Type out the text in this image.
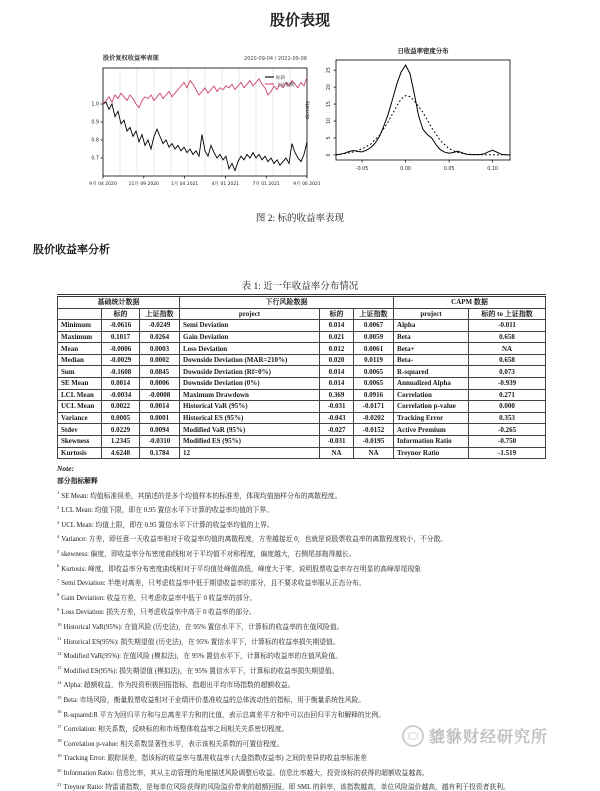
股价表现
0.7
0.8
0.9
1.0
9月 04 2020	11月 09 2020	1月 04 2021	4月 01 2021	7月 01 2021	9月 06 2021
股价复权收益率表现	2020-09-04 / 2021-09-06
标的
上证指数
0
5
10
15
20
25
-0.05	0.00	0.05	0.10
日收益率密度分布
density
图 2: 标的收益率表现
股价收益率分析
表 1: 近一年收益率分布情况
基础统计数据			下行风险数据			CAPM 数据	
	标的	上证指数	project	标的	上证指数	project	标的 to 上证指数
Minimum	-0.0616	-0.0249	Semi Deviation	0.014	0.0067	Alpha	-0.011
Maximum	0.1017	0.0264	Gain Deviation	0.021	0.0059	Beta	0.658
Mean	-0.0006	0.0003	Loss Deviation	0.012	0.0061	Beta+	NA
Median	-0.0029	0.0002	Downside Deviation (MAR=210%)	0.020	0.0119	Beta-	0.658
Sum	-0.1608	0.0845	Downside Deviation (Rf=0%)	0.014	0.0065	R-squared	0.073
SE Mean	0.0014	0.0006	Downside Deviation (0%)	0.014	0.0065	Annualized Alpha	-0.939
LCL Mean	-0.0034	-0.0008	Maximum Drawdown	0.369	0.0916	Correlation	0.271
UCL Mean	0.0022	0.0014	Historical VaR (95%)	-0.031	-0.0171	Correlation p-value	0.000
Variance	0.0005	0.0001	Historical ES (95%)	-0.043	-0.0202	Tracking Error	0.353
Stdev	0.0229	0.0094	Modified VaR (95%)	-0.027	-0.0152	Active Premium	-0.265
Skewness	1.2345	-0.0310	Modified ES (95%)	-0.031	-0.0195	Information Ratio	-0.750
Kurtosis	4.6248	0.1784	12	NA	NA	Treynor Ratio	-1.519
Note:
部分指标解释
$^1$ SE Mean: 均值标准误差，其描述的是多个均值样本的标准差，体现均值抽样分布的离散程度。
$^2$ LCL Mean: 均值下限，即在 0.95 置信水平下计算的收益率均值的下界。
$^3$ UCL Mean: 均值上限，即在 0.95 置信水平下计算的收益率均值的上界。
$^4$ Variance: 方差，即任意一天收益率相对于收益率均值的离散程度，方差越接近 0，也就是说股票收益率的离散程度较小，不分散。
$^5$ skewness: 偏度，即收益率分布密度曲线相对于平均值不对称程度，偏度越大，右侧尾部拖得越长。
$^6$ Kurtosis: 峰度，即收益率分布密度曲线相对于平均值处峰值高低，峰度大于零，说明股票收益率存在明显的高峰厚尾现象
$^7$ Semi Deviation: 半绝对离差，只考虑收益率中低于期望收益率的部分，且不要求收益率服从正态分布。
$^8$ Gain Deviation: 收益方差，只考虑收益率中低于 0 收益率的部分。
$^9$ Loss Deviation: 损失方差，只考虑收益率中高于 0 收益率的部分。
$^{10}$ Historical VaR(95%): 在值风险 (历史法)，在 95% 置信水平下，计算标的收益率的在值风险值。
$^{11}$ Historical ES(95%): 损失期望值 (历史法)，在 95% 置信水平下，计算标的收益率损失期望值。
$^{12}$ Modified VaR(95%): 在值风险 (模拟法)，在 95% 置信水平下，计算标的收益率的在值风险值。
$^{13}$ Modified ES(95%): 损失期望值 (模拟法)，在 95% 置信水平下，计算标的收益率损失期望值。
$^{14}$ Alpha: 超额收益，作为投资积极回报指标，指超出平均市场指数的超额收益。
$^{15}$ Beta: 市场风险，衡量股票收益相对于业绩评价基准收益的总体波动性的指标，用于衡量系统性风险。
$^{16}$ R-squared:R 平方为回归平方和与总离差平方和的比值，表示总离差平方和中可以由回归平方和解释的比例。
$^{17}$ Correlation: 相关系数，反映标的和市场整体收益率之间相关关系密切程度。
$^{18}$ Correlation p-value: 相关系数显著性水平，表示该相关系数的可置信程度。
$^{19}$ Tracking Error: 跟踪误差，指该标的收益率与基准收益率 (大盘指数收益率) 之间的差异的收益率标准差
$^{20}$ Information Ratio: 信息比率，其从主动管理的角度描述风险调整后收益。信息比率越大，投资该标的获得的超额收益越高。
$^{21}$ Treynor Ratio: 特雷诺指数，是每单位风险获得的风险溢价带来的超额回报，即 SML 的斜率，该指数越高，单位风险溢价越高，越有利于投资者获利。
貔貅财经研究所
